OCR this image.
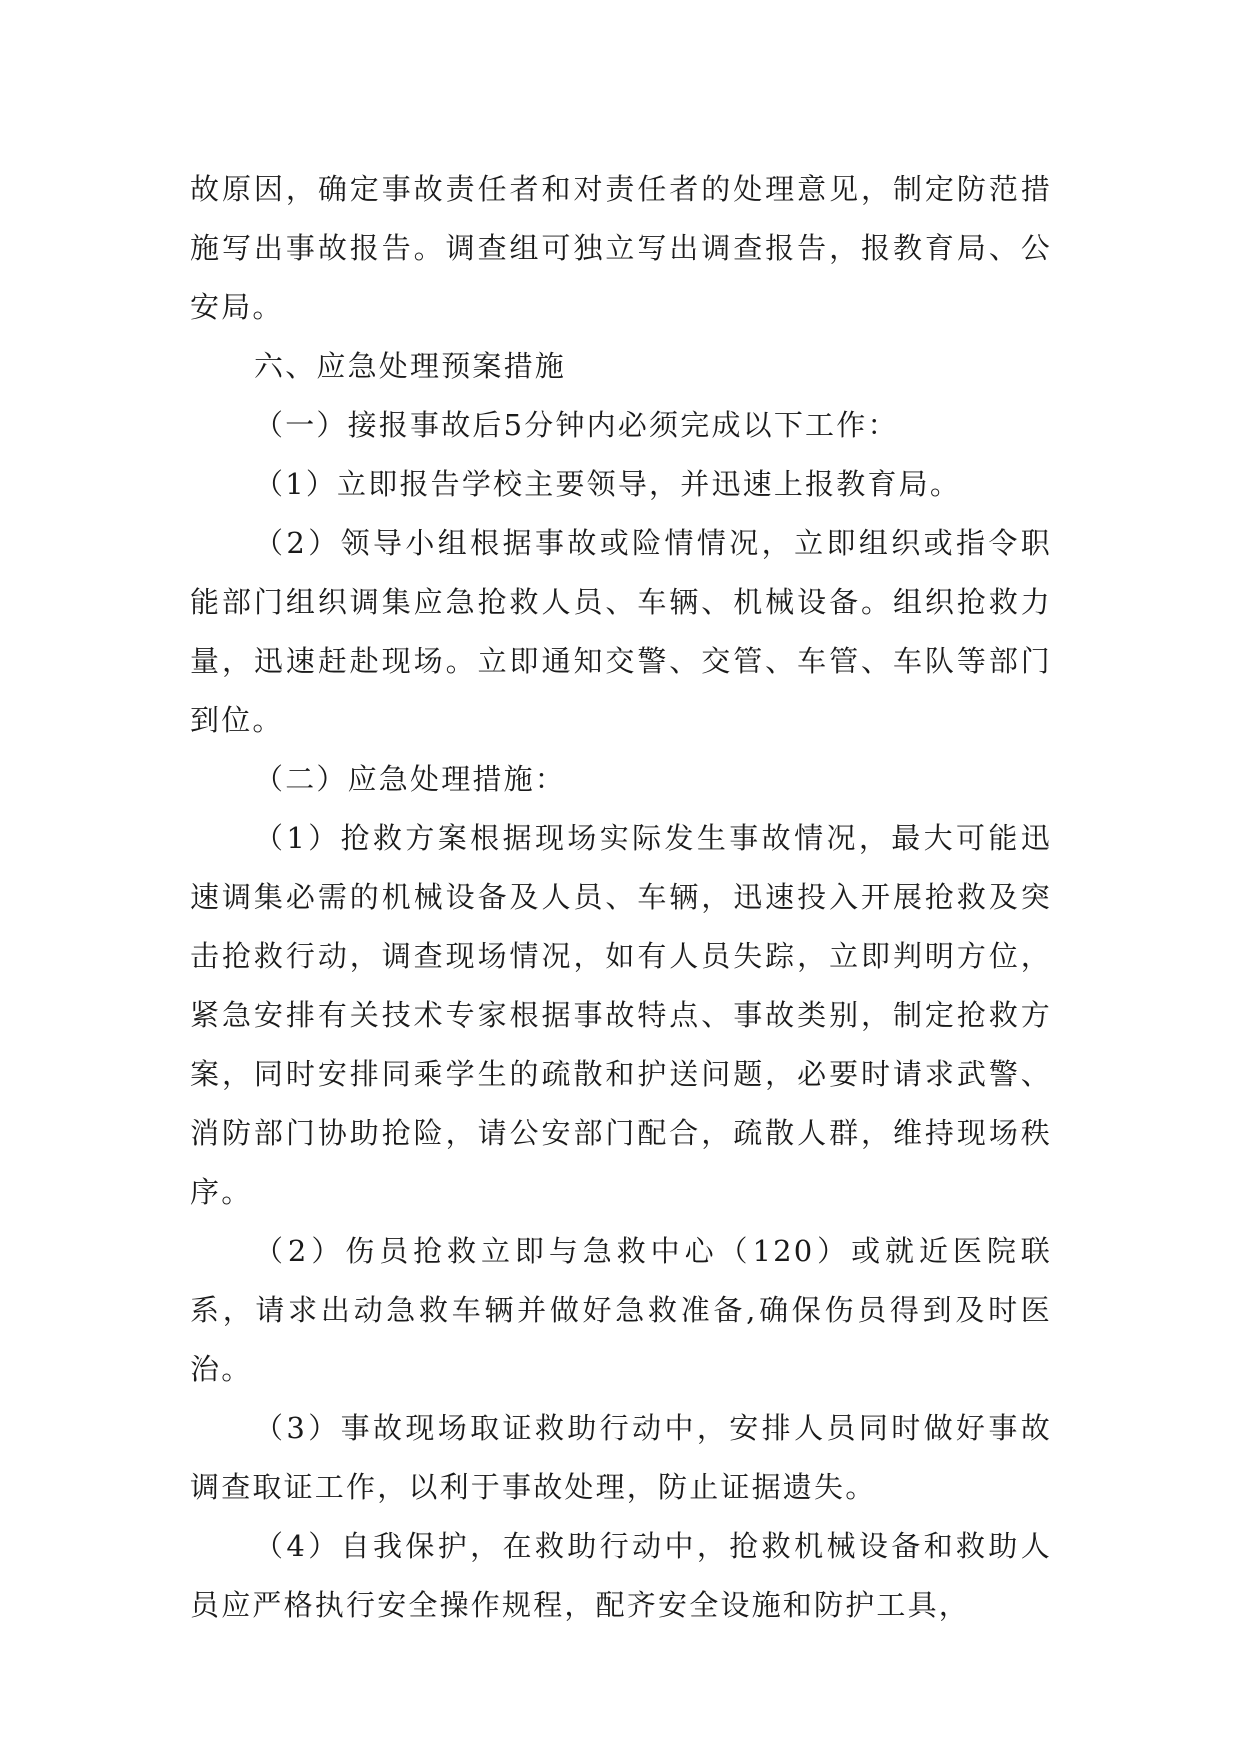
故原因，确定事故责任者和对责任者的处理意见，制定防范措施写出事故报告。调查组可独立写出调查报告，报教育局、公安局。

六、应急处理预案措施

（一）接报事故后5分钟内必须完成以下工作：

（1）立即报告学校主要领导，并迅速上报教育局。

（2）领导小组根据事故或险情情况，立即组织或指令职能部门组织调集应急抢救人员、车辆、机械设备。组织抢救力量，迅速赶赴现场。立即通知交警、交管、车管、车队等部门到位。

（二）应急处理措施：

（1）抢救方案根据现场实际发生事故情况，最大可能迅速调集必需的机械设备及人员、车辆，迅速投入开展抢救及突击抢救行动，调查现场情况，如有人员失踪，立即判明方位，紧急安排有关技术专家根据事故特点、事故类别，制定抢救方案，同时安排同乘学生的疏散和护送问题，必要时请求武警、消防部门协助抢险，请公安部门配合，疏散人群，维持现场秩序。

（2）伤员抢救立即与急救中心（120）或就近医院联系，请求出动急救车辆并做好急救准备,确保伤员得到及时医治。

（3）事故现场取证救助行动中，安排人员同时做好事故调查取证工作，以利于事故处理，防止证据遗失。

（4）自我保护，在救助行动中，抢救机械设备和救助人员应严格执行安全操作规程，配齐安全设施和防护工具，
